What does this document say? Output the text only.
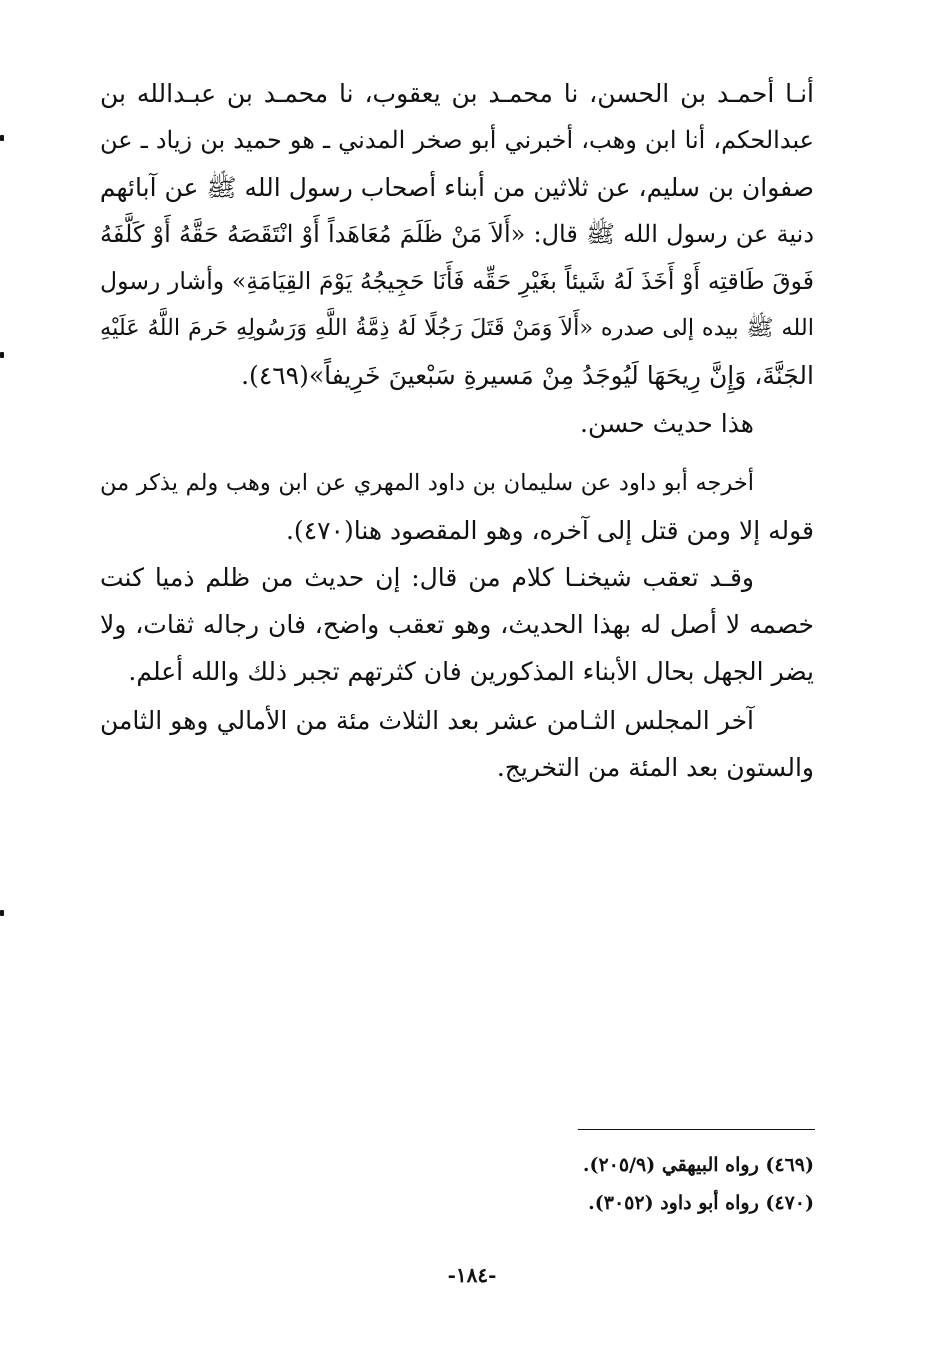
أنـا أحمـد بن الحسن، نا محمـد بن يعقوب، نا محمـد بن عبـدالله بن
عبدالحكم، أنا ابن وهب، أخبرني أبو صخر المدني ـ هو حميد بن زياد ـ عن
صفوان بن سليم، عن ثلاثين من أبناء أصحاب رسول الله ﷺ عن آبائهم
دنية عن رسول الله ﷺ قال: «أَلاَ مَنْ ظَلَمَ مُعَاهَداً أَوْ انْتَقَصَهُ حَقَّهُ أَوْ كَلَّفَهُ
فَوقَ طَاقتِه أَوْ أَخَذَ لَهُ شَيئاً بغَيْرِ حَقِّه فَأَنَا حَجِيجُهُ يَوْمَ القِيَامَةِ» وأشار رسول
الله ﷺ بيده إلى صدره «أَلاَ وَمَنْ قَتَلَ رَجُلًا لَهُ ذِمَّةُ اللَّهِ وَرَسُولِهِ حَرمَ اللَّهُ عَلَيْهِ
الجَنَّةَ، وَإِنَّ رِيحَهَا لَيُوجَدُ مِنْ مَسيرةِ سَبْعينَ خَرِيفاً»(٤٦٩).
هذا حديث حسن.
أخرجه أبو داود عن سليمان بن داود المهري عن ابن وهب ولم يذكر من
قوله إلا ومن قتل إلى آخره، وهو المقصود هنا(٤٧٠).
وقـد تعقب شيخنـا كلام من قال: إن حديث من ظلم ذميا كنت
خصمه لا أصل له بهذا الحديث، وهو تعقب واضح، فان رجاله ثقات، ولا
يضر الجهل بحال الأبناء المذكورين فان كثرتهم تجبر ذلك والله أعلم.
آخر المجلس الثـامن عشر بعد الثلاث مئة من الأمالي وهو الثامن
والستون بعد المئة من التخريج.
(٤٦٩) رواه البيهقي (٢٠٥/٩).
(٤٧٠) رواه أبو داود (٣٠٥٢).
-١٨٤-
